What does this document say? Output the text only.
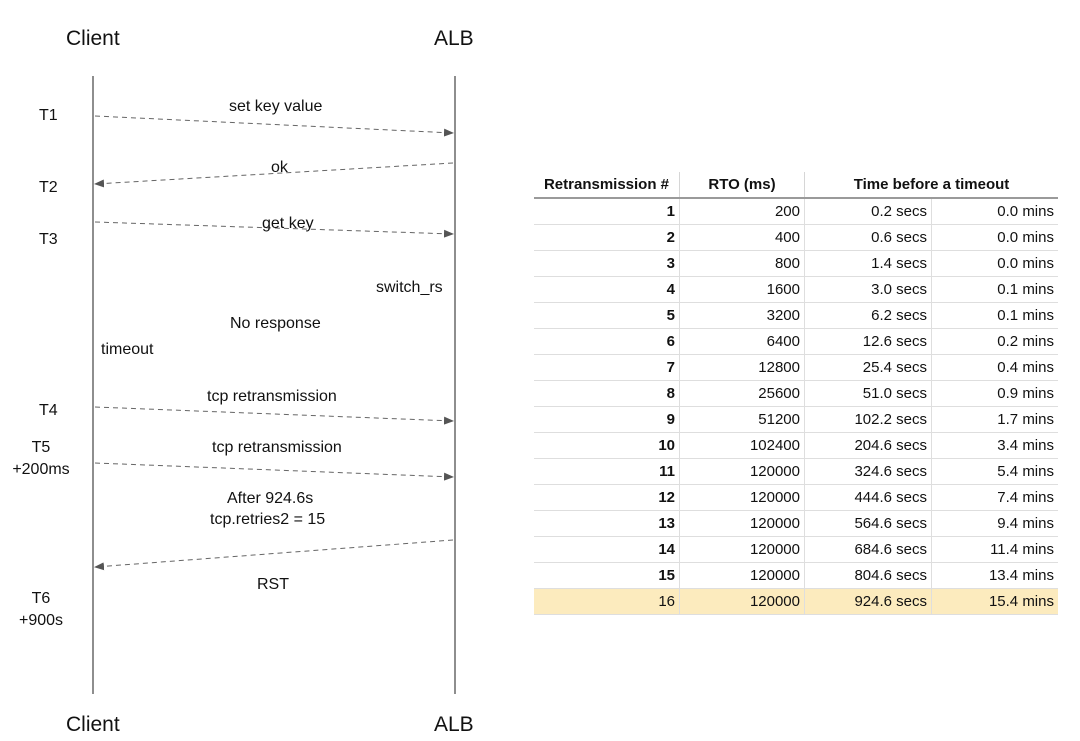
Client	ALB
Client	ALB
T1
T2
T3
T4
T5
+200ms
T6
+900s
set key value
ok
get key
switch_rs
No response
timeout
tcp retransmission
tcp retransmission
After 924.6s
tcp.retries2 = 15
RST
Retransmission #	RTO (ms)	Time before a timeout	
1	200	0.2 secs	0.0 mins
2	400	0.6 secs	0.0 mins
3	800	1.4 secs	0.0 mins
4	1600	3.0 secs	0.1 mins
5	3200	6.2 secs	0.1 mins
6	6400	12.6 secs	0.2 mins
7	12800	25.4 secs	0.4 mins
8	25600	51.0 secs	0.9 mins
9	51200	102.2 secs	1.7 mins
10	102400	204.6 secs	3.4 mins
11	120000	324.6 secs	5.4 mins
12	120000	444.6 secs	7.4 mins
13	120000	564.6 secs	9.4 mins
14	120000	684.6 secs	11.4 mins
15	120000	804.6 secs	13.4 mins
16	120000	924.6 secs	15.4 mins
